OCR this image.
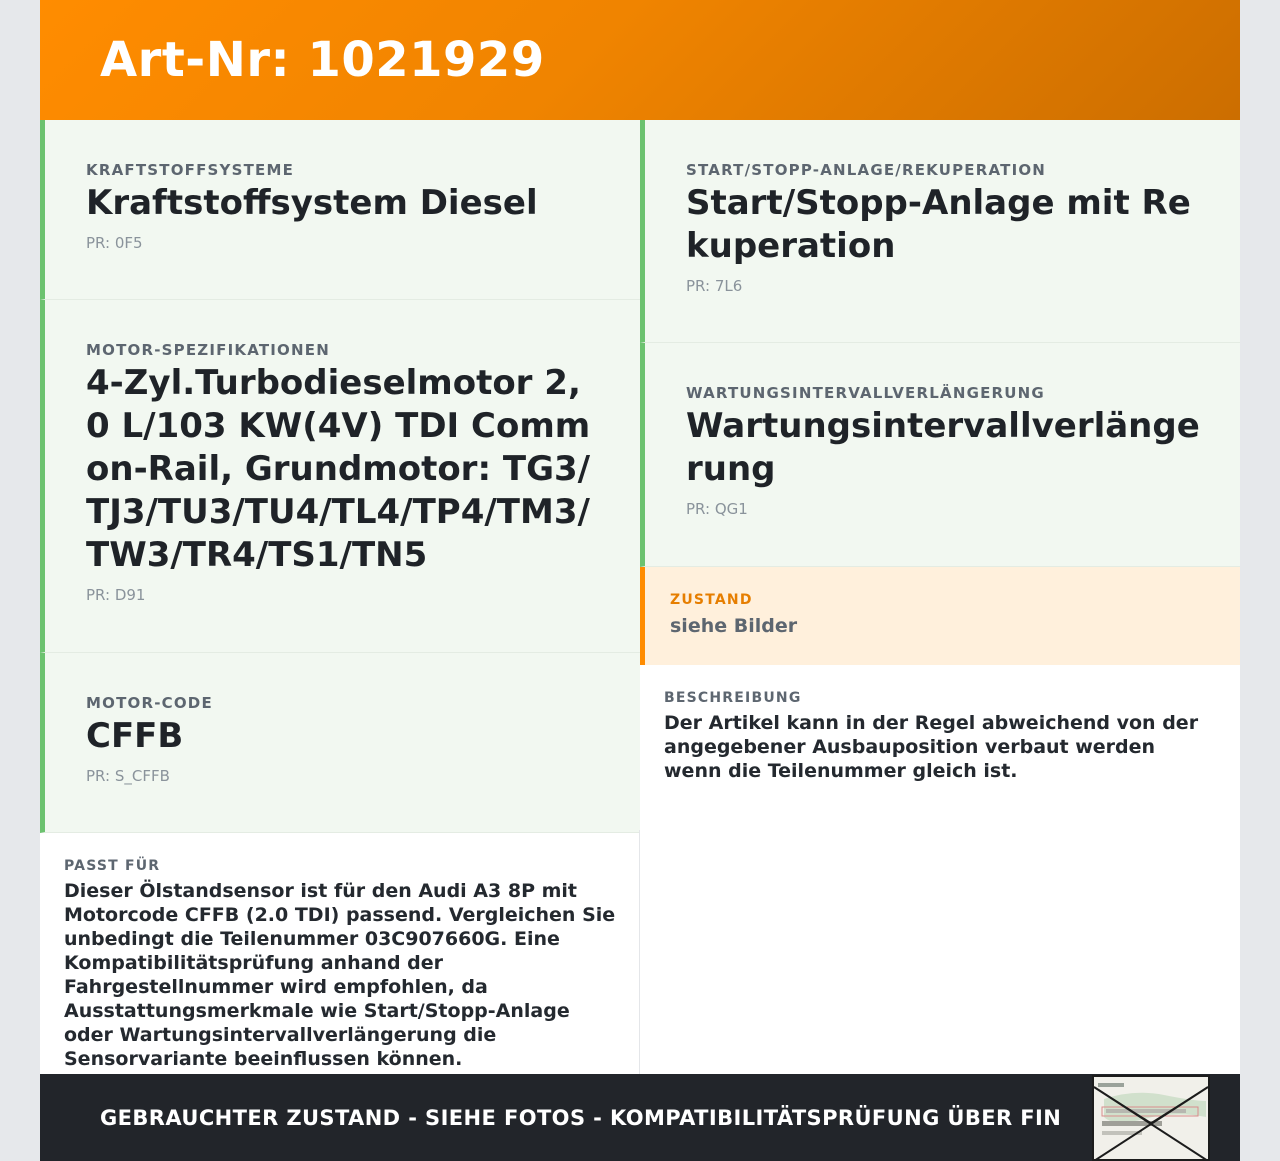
Art-Nr: 1021929
KRAFTSTOFFSYSTEME
Kraftstoffsystem Diesel
PR: 0F5
MOTOR-SPEZIFIKATIONEN
4-Zyl.Turbodieselmotor 2,0 L/103 KW(4V) TDI Common-Rail, Grundmotor: TG3/TJ3/TU3/TU4/TL4/TP4/TM3/TW3/TR4/TS1/TN5
PR: D91
MOTOR-CODE
CFFB
PR: S_CFFB
PASST FÜR
Dieser Ölstandsensor ist für den Audi A3 8P mit Motorcode CFFB (2.0 TDI) passend. Vergleichen Sie unbedingt die Teilenummer 03C907660G. Eine Kompatibilitätsprüfung anhand der Fahrgestellnummer wird empfohlen, da Ausstattungsmerkmale wie Start/Stopp-Anlage oder Wartungsintervallverlängerung die Sensorvariante beeinflussen können.
START/STOPP-ANLAGE/REKUPERATION
Start/Stopp-Anlage mit Rekuperation
PR: 7L6
WARTUNGSINTERVALLVERLÄNGERUNG
Wartungsintervallverlängerung
PR: QG1
ZUSTAND
siehe Bilder
BESCHREIBUNG
Der Artikel kann in der Regel abweichend von der angegebener Ausbauposition verbaut werden wenn die Teilenummer gleich ist.
GEBRAUCHTER ZUSTAND - SIEHE FOTOS - KOMPATIBILITÄTSPRÜFUNG ÜBER FIN
